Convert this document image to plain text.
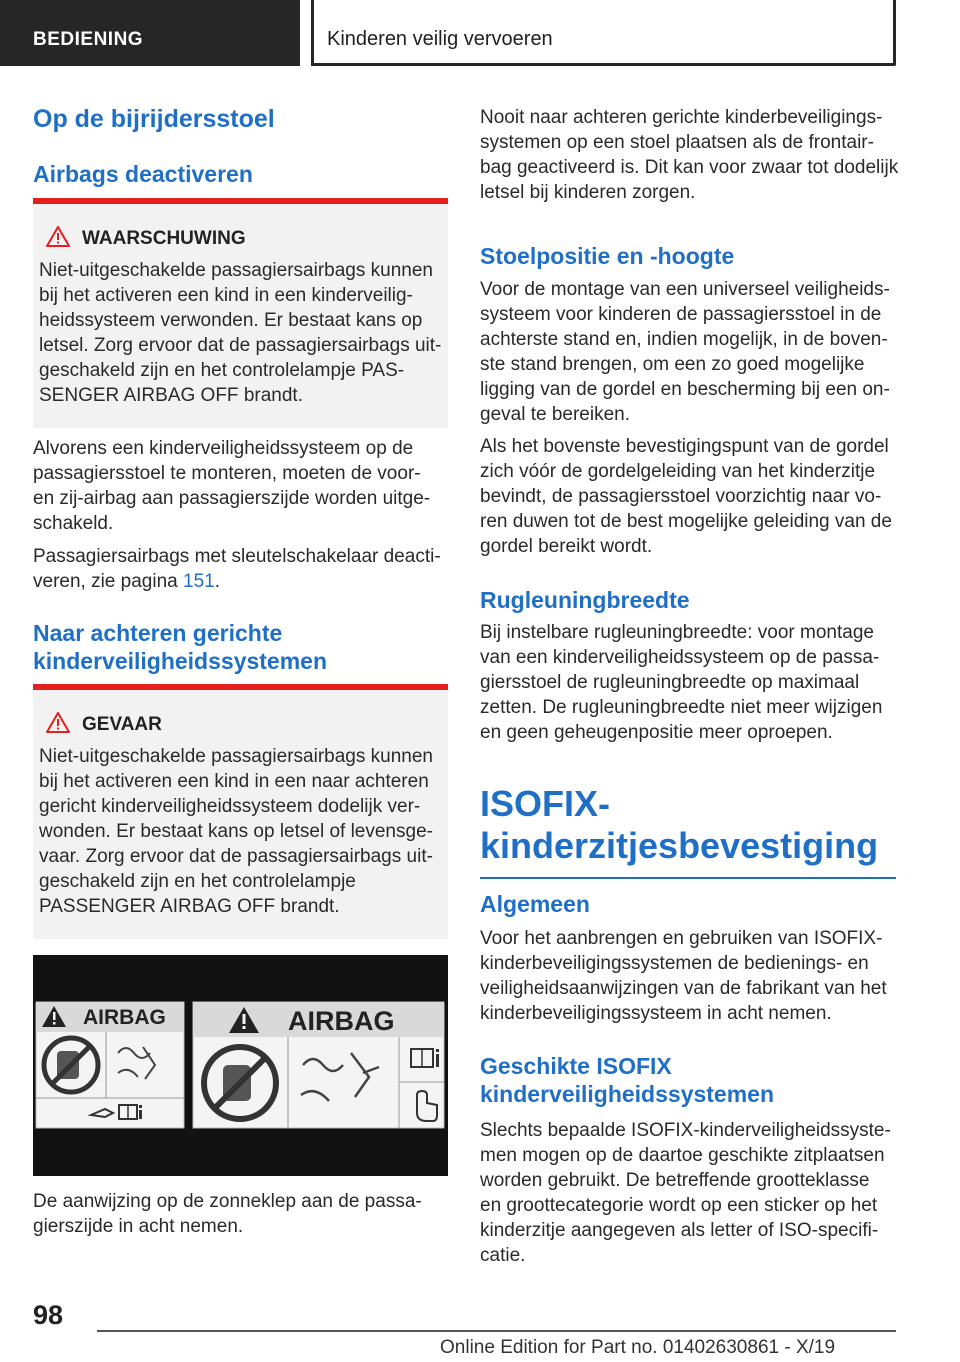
BEDIENING	Kinderen veilig vervoeren
Op de bijrijdersstoel
Airbags deactiveren
WAARSCHUWING
Niet-uitgeschakelde passagiersairbags kunnen
bij het activeren een kind in een kinderveilig-
heidssysteem verwonden. Er bestaat kans op
letsel. Zorg ervoor dat de passagiersairbags uit-
geschakeld zijn en het controlelampje PAS-
SENGER AIRBAG OFF brandt.
Alvorens een kinderveiligheidssysteem op de
passagiersstoel te monteren, moeten de voor-
en zij-airbag aan passagierszijde worden uitge-
schakeld.
Passagiersairbags met sleutelschakelaar deacti-
veren, zie pagina 151.
Naar achteren gerichte
kinderveiligheidssystemen
GEVAAR
Niet-uitgeschakelde passagiersairbags kunnen
bij het activeren een kind in een naar achteren
gericht kinderveiligheidssysteem dodelijk ver-
wonden. Er bestaat kans op letsel of levensge-
vaar. Zorg ervoor dat de passagiersairbags uit-
geschakeld zijn en het controlelampje
PASSENGER AIRBAG OFF brandt.
AIRBAG	AIRBAG
De aanwijzing op de zonneklep aan de passa-
gierszijde in acht nemen.
Nooit naar achteren gerichte kinderbeveiligings-
systemen op een stoel plaatsen als de frontair-
bag geactiveerd is. Dit kan voor zwaar tot dodelijk
letsel bij kinderen zorgen.
Stoelpositie en -hoogte
Voor de montage van een universeel veiligheids-
systeem voor kinderen de passagiersstoel in de
achterste stand en, indien mogelijk, in de boven-
ste stand brengen, om een zo goed mogelijke
ligging van de gordel en bescherming bij een on-
geval te bereiken.
Als het bovenste bevestigingspunt van de gordel
zich vóór de gordelgeleiding van het kinderzitje
bevindt, de passagiersstoel voorzichtig naar vo-
ren duwen tot de best mogelijke geleiding van de
gordel bereikt wordt.
Rugleuningbreedte
Bij instelbare rugleuningbreedte: voor montage
van een kinderveiligheidssysteem op de passa-
giersstoel de rugleuningbreedte op maximaal
zetten. De rugleuningbreedte niet meer wijzigen
en geen geheugenpositie meer oproepen.
ISOFIX-
kinderzitjesbevestiging
Algemeen
Voor het aanbrengen en gebruiken van ISOFIX-
kinderbeveiligingssystemen de bedienings- en
veiligheidsaanwijzingen van de fabrikant van het
kinderbeveiligingssysteem in acht nemen.
Geschikte ISOFIX
kinderveiligheidssystemen
Slechts bepaalde ISOFIX-kinderveiligheidssyste-
men mogen op de daartoe geschikte zitplaatsen
worden gebruikt. De betreffende grootteklasse
en groottecategorie wordt op een sticker op het
kinderzitje aangegeven als letter of ISO-specifi-
catie.
98
Online Edition for Part no. 01402630861 - X/19
